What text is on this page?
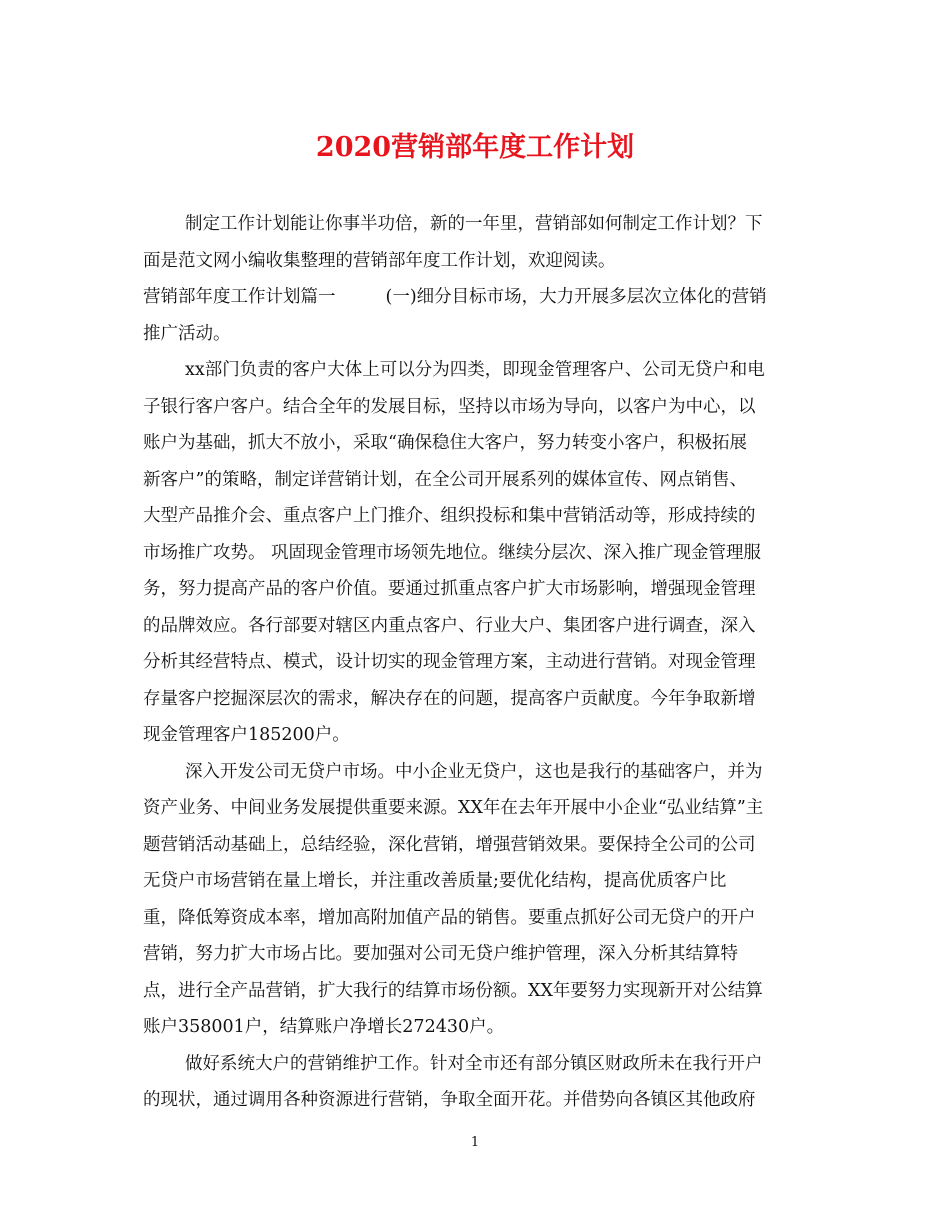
2020营销部年度工作计划
制定工作计划能让你事半功倍，新的一年里，营销部如何制定工作计划？下
面是范文网小编收集整理的营销部年度工作计划，欢迎阅读。
营销部年度工作计划篇一	(一)细分目标市场，大力开展多层次立体化的营销
推广活动。
xx部门负责的客户大体上可以分为四类，即现金管理客户、公司无贷户和电
子银行客户客户。结合全年的发展目标，坚持以市场为导向，以客户为中心，以
账户为基础，抓大不放小，采取“确保稳住大客户，努力转变小客户，积极拓展
新客户”的策略，制定详营销计划，在全公司开展系列的媒体宣传、网点销售、
大型产品推介会、重点客户上门推介、组织投标和集中营销活动等，形成持续的
市场推广攻势。 巩固现金管理市场领先地位。继续分层次、深入推广现金管理服
务，努力提高产品的客户价值。要通过抓重点客户扩大市场影响，增强现金管理
的品牌效应。各行部要对辖区内重点客户、行业大户、集团客户进行调查，深入
分析其经营特点、模式，设计切实的现金管理方案，主动进行营销。对现金管理
存量客户挖掘深层次的需求，解决存在的问题，提高客户贡献度。今年争取新增
现金管理客户185200户。
深入开发公司无贷户市场。中小企业无贷户，这也是我行的基础客户，并为
资产业务、中间业务发展提供重要来源。XX年在去年开展中小企业“弘业结算”主
题营销活动基础上，总结经验，深化营销，增强营销效果。要保持全公司的公司
无贷户市场营销在量上增长，并注重改善质量;要优化结构，提高优质客户比
重，降低筹资成本率，增加高附加值产品的销售。要重点抓好公司无贷户的开户
营销，努力扩大市场占比。要加强对公司无贷户维护管理，深入分析其结算特
点，进行全产品营销，扩大我行的结算市场份额。XX年要努力实现新开对公结算
账户358001户，结算账户净增长272430户。
做好系统大户的营销维护工作。针对全市还有部分镇区财政所未在我行开户
的现状，通过调用各种资源进行营销，争取全面开花。并借势向各镇区其他政府
1
